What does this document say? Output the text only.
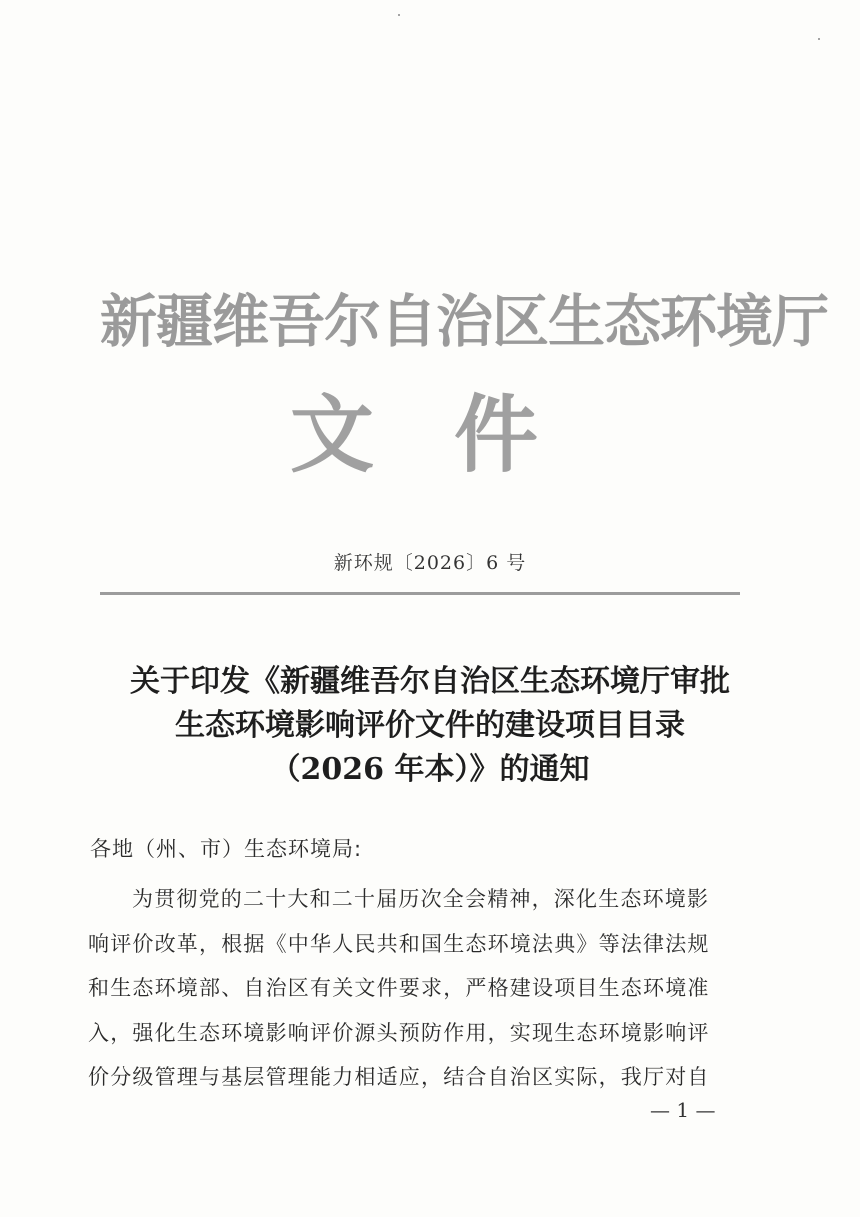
新疆维吾尔自治区生态环境厅
文件
新环规〔2026〕6 号
关于印发《新疆维吾尔自治区生态环境厅审批
生态环境影响评价文件的建设项目目录
（2026 年本）》的通知
各地（州、市）生态环境局:
为贯彻党的二十大和二十届历次全会精神，深化生态环境影
响评价改革，根据《中华人民共和国生态环境法典》等法律法规
和生态环境部、自治区有关文件要求，严格建设项目生态环境准
入，强化生态环境影响评价源头预防作用，实现生态环境影响评
价分级管理与基层管理能力相适应，结合自治区实际，我厅对自
— 1 —
